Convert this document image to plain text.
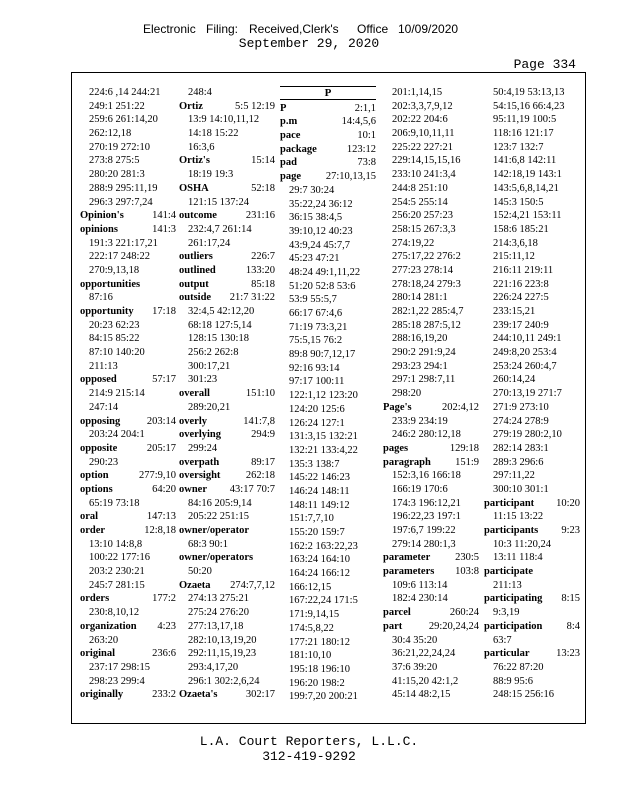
Electronic Filing: Received,Clerk's Office 10/09/2020
September 29, 2020
Page 334
224:6 ,14 244:21
249:1 251:22
259:6 261:14,20
262:12,18
270:19 272:10
273:8 275:5
280:20 281:3
288:9 295:11,19
296:3 297:7,24
Opinion's	141:4
opinions	141:3
191:3 221:17,21
222:17 248:22
270:9,13,18
opportunities
87:16
opportunity 17:18
20:23 62:23
84:15 85:22
87:10 140:20
211:13
opposed	57:17
214:9 215:14
247:14
opposing	203:14
203:24 204:1
opposite	205:17
290:23
option	277:9,10
options	64:20
65:19 73:18
oral	147:13
order	12:8,18
13:10 14:8,8
100:22 177:16
203:2 230:21
245:7 281:15
orders	177:2
230:8,10,12
organization 4:23
263:20
original	236:6
237:17 298:15
298:23 299:4
originally	233:2
248:4
Ortiz	5:5 12:19
13:9 14:10,11,12
14:18 15:22
16:3,6
Ortiz's	15:14
18:19 19:3
OSHA	52:18
121:15 137:24
outcome	231:16
232:4,7 261:14
261:17,24
outliers	226:7
outlined	133:20
output	85:18
outside 21:7 31:22
32:4,5 42:12,20
68:18 127:5,14
128:15 130:18
256:2 262:8
300:17,21
301:23
overall	151:10
289:20,21
overly	141:7,8
overlying	294:9
299:24
overpath	89:17
oversight 262:18
owner 43:17 70:7
84:16 205:9,14
205:22 251:15
owner/operator
68:3 90:1
owner/operators
50:20
Ozaeta 274:7,7,12
274:13 275:21
275:24 276:20
277:13,17,18
282:10,13,19,20
292:11,15,19,23
293:4,17,20
296:1 302:2,6,24
Ozaeta's	302:17
P
P	2:1,1
p.m	14:4,5,6
pace	10:1
package	123:12
pad	73:8
page 27:10,13,15
29:7 30:24
35:22,24 36:12
36:15 38:4,5
39:10,12 40:23
43:9,24 45:7,7
45:23 47:21
48:24 49:1,11,22
51:20 52:8 53:6
53:9 55:5,7
66:17 67:4,6
71:19 73:3,21
75:5,15 76:2
89:8 90:7,12,17
92:16 93:14
97:17 100:11
122:1,12 123:20
124:20 125:6
126:24 127:1
131:3,15 132:21
132:21 133:4,22
135:3 138:7
145:22 146:23
146:24 148:11
148:11 149:12
151:7,7,10
155:20 159:7
162:2 163:22,23
163:24 164:10
164:24 166:12
166:12,15
167:22,24 171:5
171:9,14,15
174:5,8,22
177:21 180:12
181:10,10
195:18 196:10
196:20 198:2
199:7,20 200:21
201:1,14,15
202:3,3,7,9,12
202:22 204:6
206:9,10,11,11
225:22 227:21
229:14,15,15,16
233:10 241:3,4
244:8 251:10
254:5 255:14
256:20 257:23
258:15 267:3,3
274:19,22
275:17,22 276:2
277:23 278:14
278:18,24 279:3
280:14 281:1
282:1,22 285:4,7
285:18 287:5,12
288:16,19,20
290:2 291:9,24
293:23 294:1
297:1 298:7,11
298:20
Page's	202:4,12
233:9 234:19
246:2 280:12,18
pages	129:18
paragraph 151:9
152:3,16 166:18
166:19 170:6
174:3 196:12,21
196:22,23 197:1
197:6,7 199:22
279:14 280:1,3
parameter 230:5
parameters 103:8
109:6 113:14
182:4 230:14
parcel	260:24
part	29:20,24,24
30:4 35:20
36:21,22,24,24
37:6 39:20
41:15,20 42:1,2
45:14 48:2,15
50:4,19 53:13,13
54:15,16 66:4,23
95:11,19 100:5
118:16 121:17
123:7 132:7
141:6,8 142:11
142:18,19 143:1
143:5,6,8,14,21
145:3 150:5
152:4,21 153:11
158:6 185:21
214:3,6,18
215:11,12
216:11 219:11
221:16 223:8
226:24 227:5
233:15,21
239:17 240:9
244:10,11 249:1
249:8,20 253:4
253:24 260:4,7
260:14,24
270:13,19 271:7
271:9 273:10
274:24 278:9
279:19 280:2,10
282:14 283:1
289:3 296:6
297:11,22
300:10 301:1
participant 10:20
11:15 13:22
participants 9:23
10:3 11:20,24
13:11 118:4
participate
211:13
participating 8:15
9:3,19
participation 8:4
63:7
particular	13:23
76:22 87:20
88:9 95:6
248:15 256:16
L.A. Court Reporters, L.L.C.
312-419-9292
